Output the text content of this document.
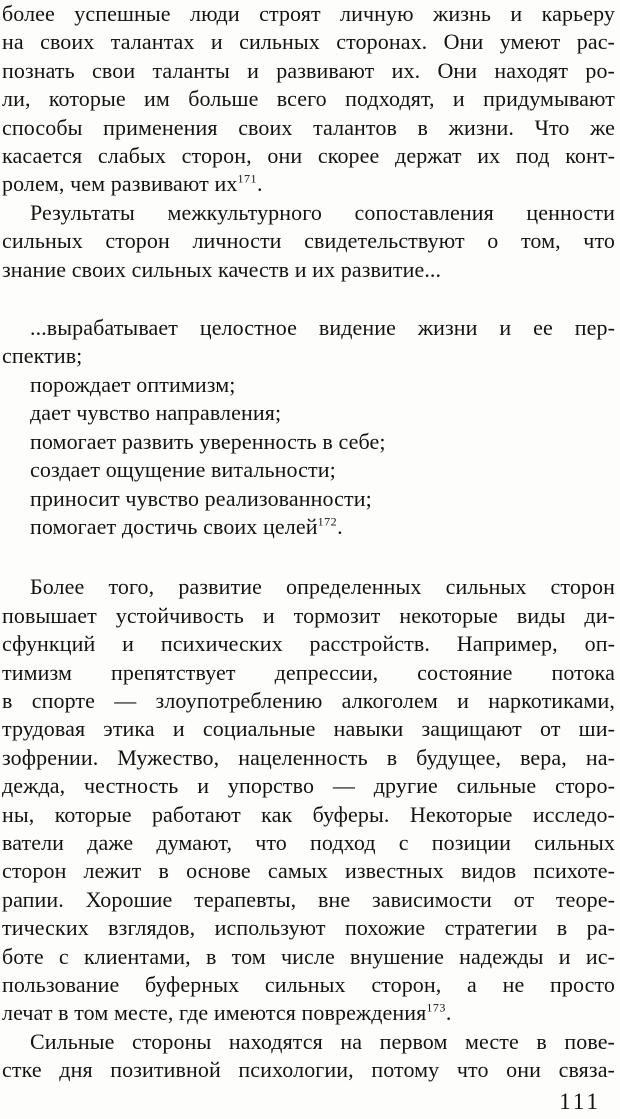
более успешные люди строят личную жизнь и карьеру
на своих талантах и сильных сторонах. Они умеют рас-
познать свои таланты и развивают их. Они находят ро-
ли, которые им больше всего подходят, и придумывают
способы применения своих талантов в жизни. Что же
касается слабых сторон, они скорее держат их под конт-
ролем, чем развивают их$^{171}$.
Результаты межкультурного сопоставления ценности
сильных сторон личности свидетельствуют о том, что
знание своих сильных качеств и их развитие...
...вырабатывает целостное видение жизни и ее пер-
спектив;
порождает оптимизм;
дает чувство направления;
помогает развить уверенность в себе;
создает ощущение витальности;
приносит чувство реализованности;
помогает достичь своих целей$^{172}$.
Более того, развитие определенных сильных сторон
повышает устойчивость и тормозит некоторые виды ди-
сфункций и психических расстройств. Например, оп-
тимизм препятствует депрессии, состояние потока
в спорте — злоупотреблению алкоголем и наркотиками,
трудовая этика и социальные навыки защищают от ши-
зофрении. Мужество, нацеленность в будущее, вера, на-
дежда, честность и упорство — другие сильные сторо-
ны, которые работают как буферы. Некоторые исследо-
ватели даже думают, что подход с позиции сильных
сторон лежит в основе самых известных видов психоте-
рапии. Хорошие терапевты, вне зависимости от теоре-
тических взглядов, используют похожие стратегии в ра-
боте с клиентами, в том числе внушение надежды и ис-
пользование буферных сильных сторон, а не просто
лечат в том месте, где имеются повреждения$^{173}$.
Сильные стороны находятся на первом месте в пове-
стке дня позитивной психологии, потому что они связа-
111
